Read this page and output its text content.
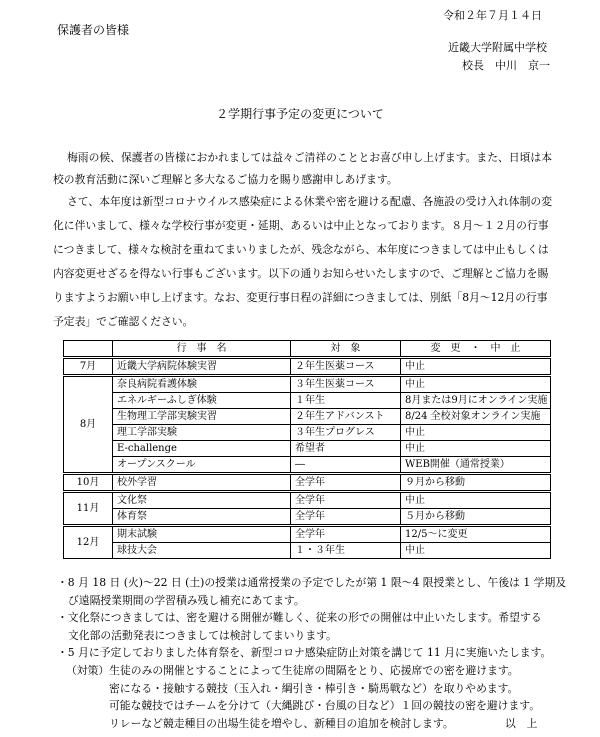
令和２年７月１４日
保護者の皆様
近畿大学附属中学校
校長　中川　京一
２学期行事予定の変更について
梅雨の候、保護者の皆様におかれましては益々ご清祥のこととお喜び申し上げます。また、日頃は本
校の教育活動に深いご理解と多大なるご協力を賜り感謝申しあげます。
さて、本年度は新型コロナウイルス感染症による休業や密を避ける配慮、各施設の受け入れ体制の変
化に伴いまして、様々な学校行事が変更・延期、あるいは中止となっております。８月～１２月の行事
につきまして、様々な検討を重ねてまいりましたが、残念ながら、本年度につきましては中止もしくは
内容変更せざるを得ない行事もございます。以下の通りお知らせいたしますので、ご理解とご協力を賜
りますようお願い申し上げます。なお、変更行事日程の詳細につきましては、別紙「8月～12月の行事
予定表」でご確認ください。
	行　事　名	対　象	変　更　・　中　止
7月	近畿大学病院体験実習	２年生医薬コース	中止
8月	奈良病院看護体験	３年生医薬コース	中止
	エネルギーふしぎ体験	１年生	8月または9月にオンライン実施
	生物理工学部実験実習	２年生アドバンスト	8/24 全校対象オンライン実施
	理工学部実験	３年生プログレス	中止
	E-challenge	希望者	中止
	オープンスクール	―	WEB開催（通常授業）
10月	校外学習	全学年	９月から移動
11月	文化祭	全学年	中止
	体育祭	全学年	５月から移動
12月	期末試験	全学年	12/5～に変更
	球技大会	１・３年生	中止
・8 月 18 日 (火)～22 日 (土)の授業は通常授業の予定でしたが第 1 限～4 限授業とし、午後は 1 学期及
び遠隔授業期間の学習積み残し補充にあてます。
・文化祭につきましては、密を避ける開催が難しく、従来の形での開催は中止いたします。希望する
文化部の活動発表につきましては検討してまいります。
・5 月に予定しておりました体育祭を、新型コロナ感染症防止対策を講じて 11 月に実施いたします。
（対策）生徒のみの開催とすることによって生徒席の間隔をとり、応援席での密を避けます。
密になる・接触する競技（玉入れ・綱引き・棒引き・騎馬戦など）を取りやめます。
可能な競技ではチームを分けて（大縄跳び・台風の目など）１回の競技の密を避けます。
リレーなど競走種目の出場生徒を増やし、新種目の追加を検討します。	以　上
